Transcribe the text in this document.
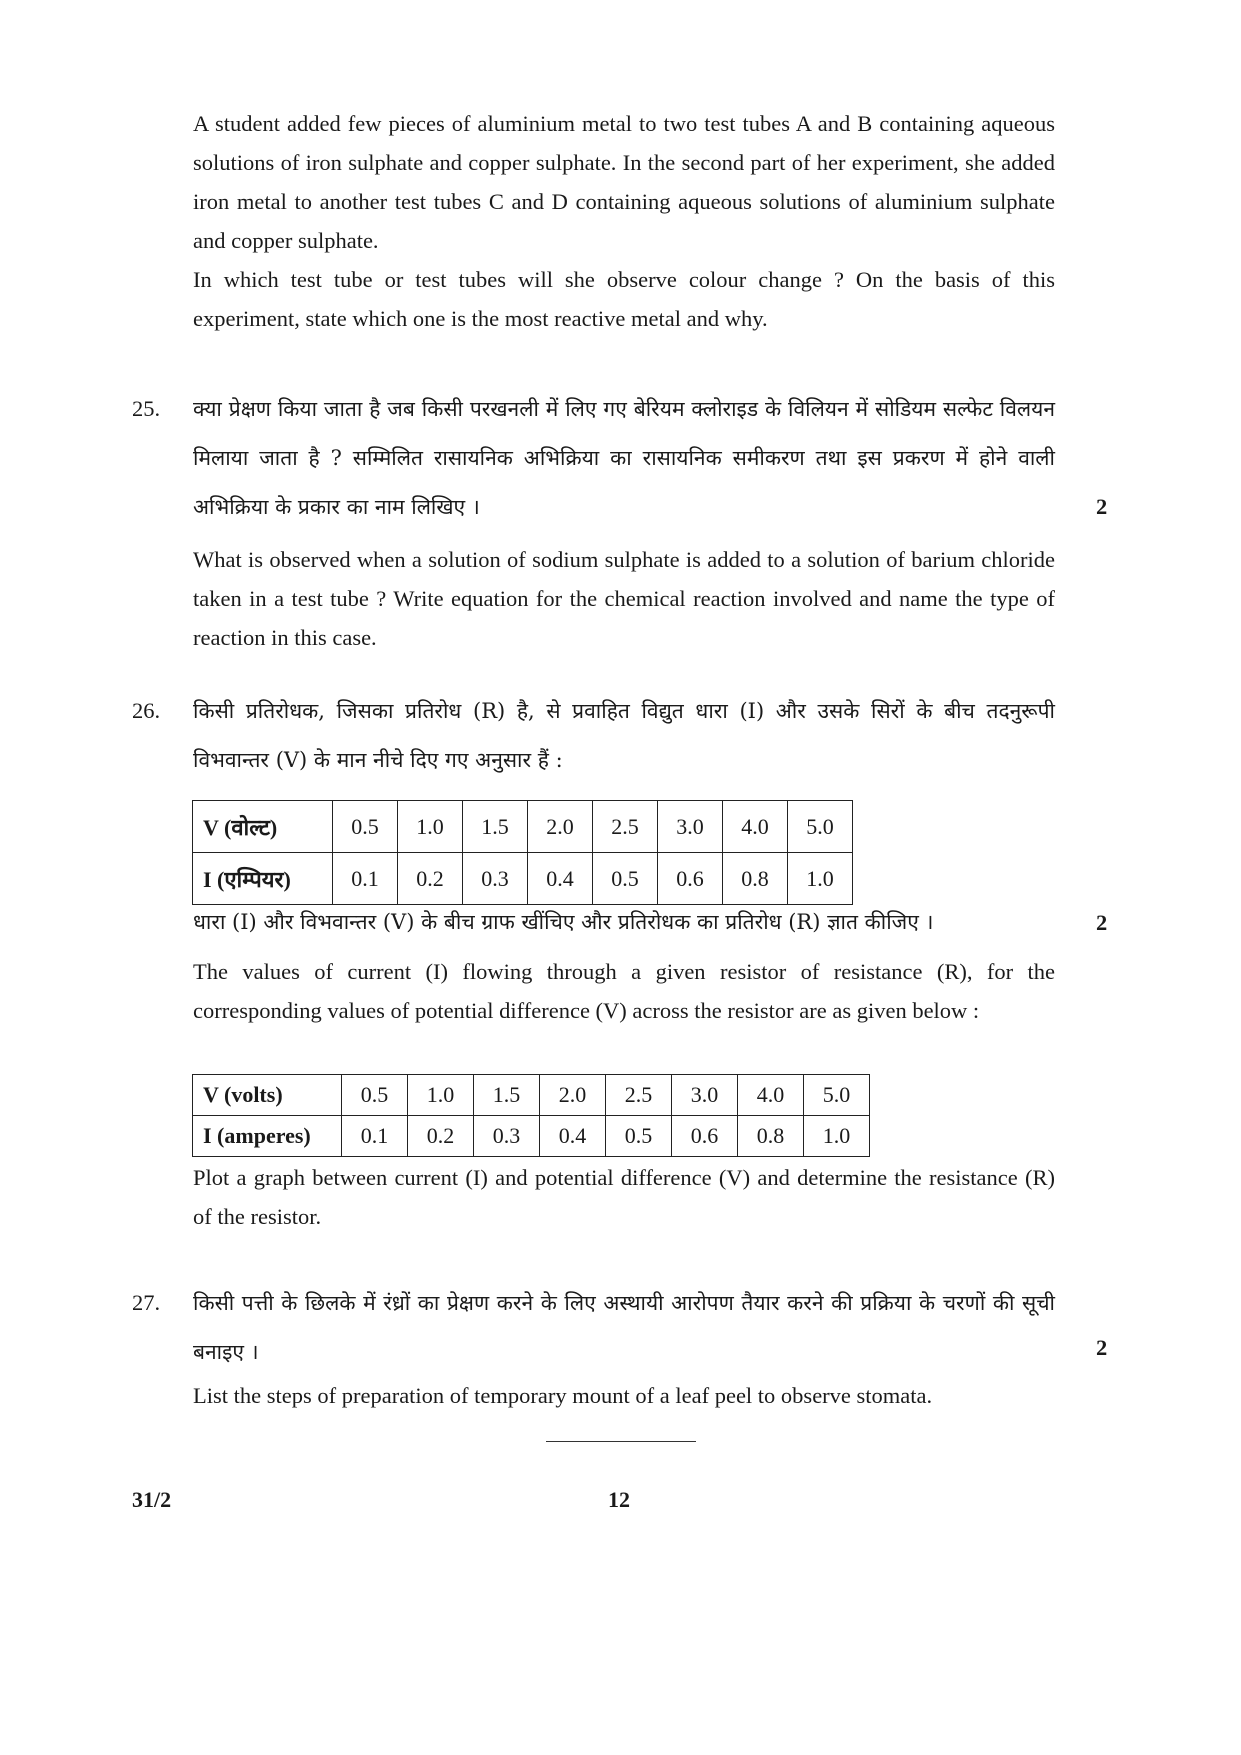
A student added few pieces of aluminium metal to two test tubes A and B containing aqueous solutions of iron sulphate and copper sulphate. In the second part of her experiment, she added iron metal to another test tubes C and D containing aqueous solutions of aluminium sulphate and copper sulphate.

In which test tube or test tubes will she observe colour change ? On the basis of this experiment, state which one is the most reactive metal and why.

25. क्या प्रेक्षण किया जाता है जब किसी परखनली में लिए गए बेरियम क्लोराइड के विलियन में सोडियम सल्फेट विलयन मिलाया जाता है ? सम्मिलित रासायनिक अभिक्रिया का रासायनिक समीकरण तथा इस प्रकरण में होने वाली अभिक्रिया के प्रकार का नाम लिखिए ।	2

What is observed when a solution of sodium sulphate is added to a solution of barium chloride taken in a test tube ? Write equation for the chemical reaction involved and name the type of reaction in this case.

26. किसी प्रतिरोधक, जिसका प्रतिरोध (R) है, से प्रवाहित विद्युत धारा (I) और उसके सिरों के बीच तदनुरूपी विभवान्तर (V) के मान नीचे दिए गए अनुसार हैं :

V (वोल्ट)	0.5	1.0	1.5	2.0	2.5	3.0	4.0	5.0
I (एम्पियर)	0.1	0.2	0.3	0.4	0.5	0.6	0.8	1.0

धारा (I) और विभवान्तर (V) के बीच ग्राफ खींचिए और प्रतिरोधक का प्रतिरोध (R) ज्ञात कीजिए ।	2

The values of current (I) flowing through a given resistor of resistance (R), for the corresponding values of potential difference (V) across the resistor are as given below :

V (volts)	0.5	1.0	1.5	2.0	2.5	3.0	4.0	5.0
I (amperes)	0.1	0.2	0.3	0.4	0.5	0.6	0.8	1.0

Plot a graph between current (I) and potential difference (V) and determine the resistance (R) of the resistor.

27. किसी पत्ती के छिलके में रंध्रों का प्रेक्षण करने के लिए अस्थायी आरोपण तैयार करने की प्रक्रिया के चरणों की सूची बनाइए ।	2

List the steps of preparation of temporary mount of a leaf peel to observe stomata.

31/2	12
